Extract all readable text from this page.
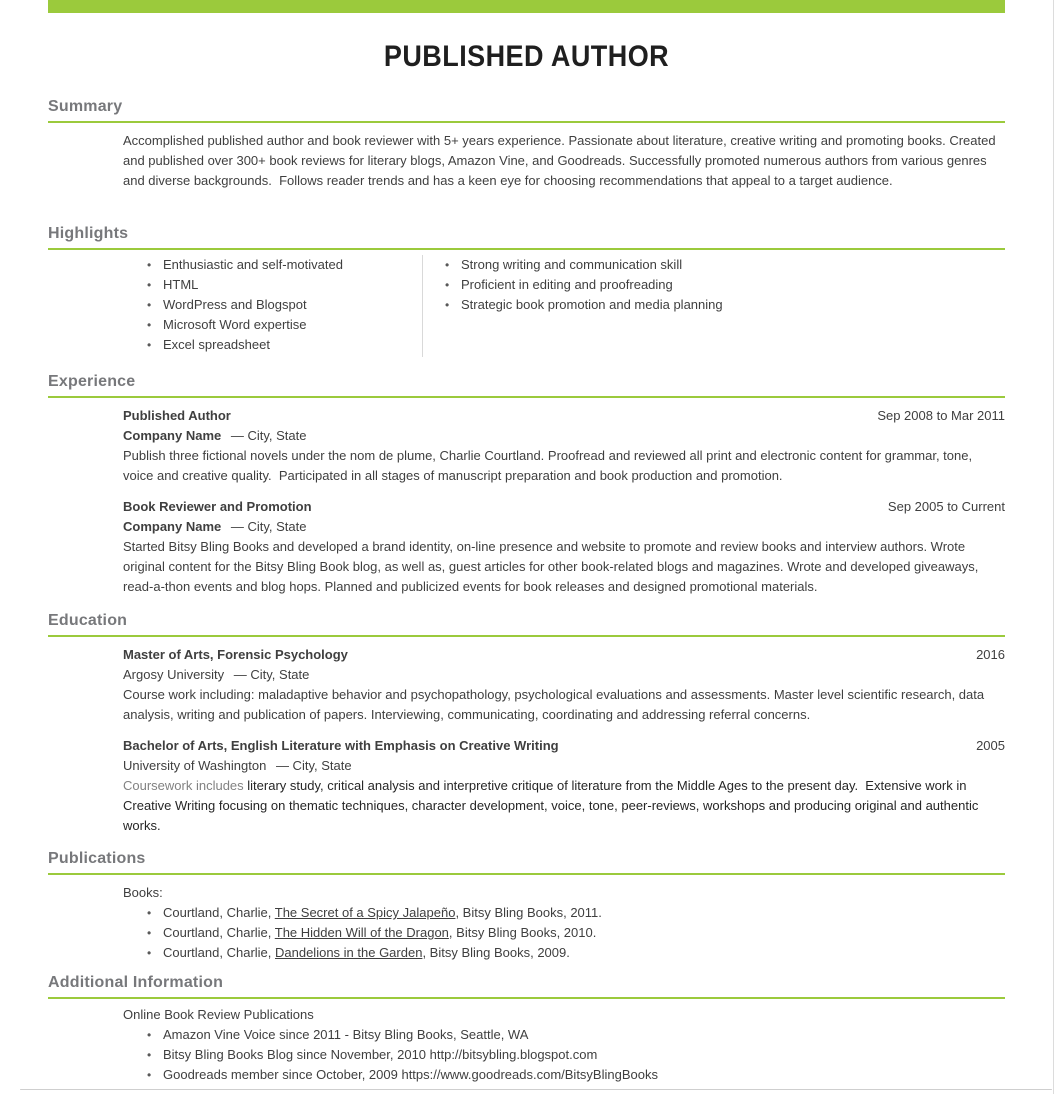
PUBLISHED AUTHOR
Summary

Accomplished published author and book reviewer with 5+ years experience. Passionate about literature, creative writing and promoting books. Created and published over 300+ book reviews for literary blogs, Amazon Vine, and Goodreads. Successfully promoted numerous authors from various genres and diverse backgrounds.  Follows reader trends and has a keen eye for choosing recommendations that appeal to a target audience.

Highlights
• Enthusiastic and self-motivated
• HTML
• WordPress and Blogspot
• Microsoft Word expertise
• Excel spreadsheet
• Strong writing and communication skill
• Proficient in editing and proofreading
• Strategic book promotion and media planning
Experience
Published Author	Sep 2008 to Mar 2011
Company Name — City, State

Publish three fictional novels under the nom de plume, Charlie Courtland. Proofread and reviewed all print and electronic content for grammar, tone, voice and creative quality.  Participated in all stages of manuscript preparation and book production and promotion.

Book Reviewer and Promotion	Sep 2005 to Current
Company Name — City, State

Started Bitsy Bling Books and developed a brand identity, on-line presence and website to promote and review books and interview authors. Wrote original content for the Bitsy Bling Book blog, as well as, guest articles for other book-related blogs and magazines. Wrote and developed giveaways, read-a-thon events and blog hops. Planned and publicized events for book releases and designed promotional materials.

Education
Master of Arts, Forensic Psychology	2016
Argosy University — City, State

Course work including: maladaptive behavior and psychopathology, psychological evaluations and assessments. Master level scientific research, data analysis, writing and publication of papers. Interviewing, communicating, coordinating and addressing referral concerns.

Bachelor of Arts, English Literature with Emphasis on Creative Writing	2005
University of Washington — City, State

Coursework includes literary study, critical analysis and interpretive critique of literature from the Middle Ages to the present day.  Extensive work in Creative Writing focusing on thematic techniques, character development, voice, tone, peer-reviews, workshops and producing original and authentic works.

Publications
Books:
• Courtland, Charlie, The Secret of a Spicy Jalapeño, Bitsy Bling Books, 2011.
• Courtland, Charlie, The Hidden Will of the Dragon, Bitsy Bling Books, 2010.
• Courtland, Charlie, Dandelions in the Garden, Bitsy Bling Books, 2009.
Additional Information
Online Book Review Publications
• Amazon Vine Voice since 2011 - Bitsy Bling Books, Seattle, WA
• Bitsy Bling Books Blog since November, 2010 http://bitsybling.blogspot.com
• Goodreads member since October, 2009 https://www.goodreads.com/BitsyBlingBooks
